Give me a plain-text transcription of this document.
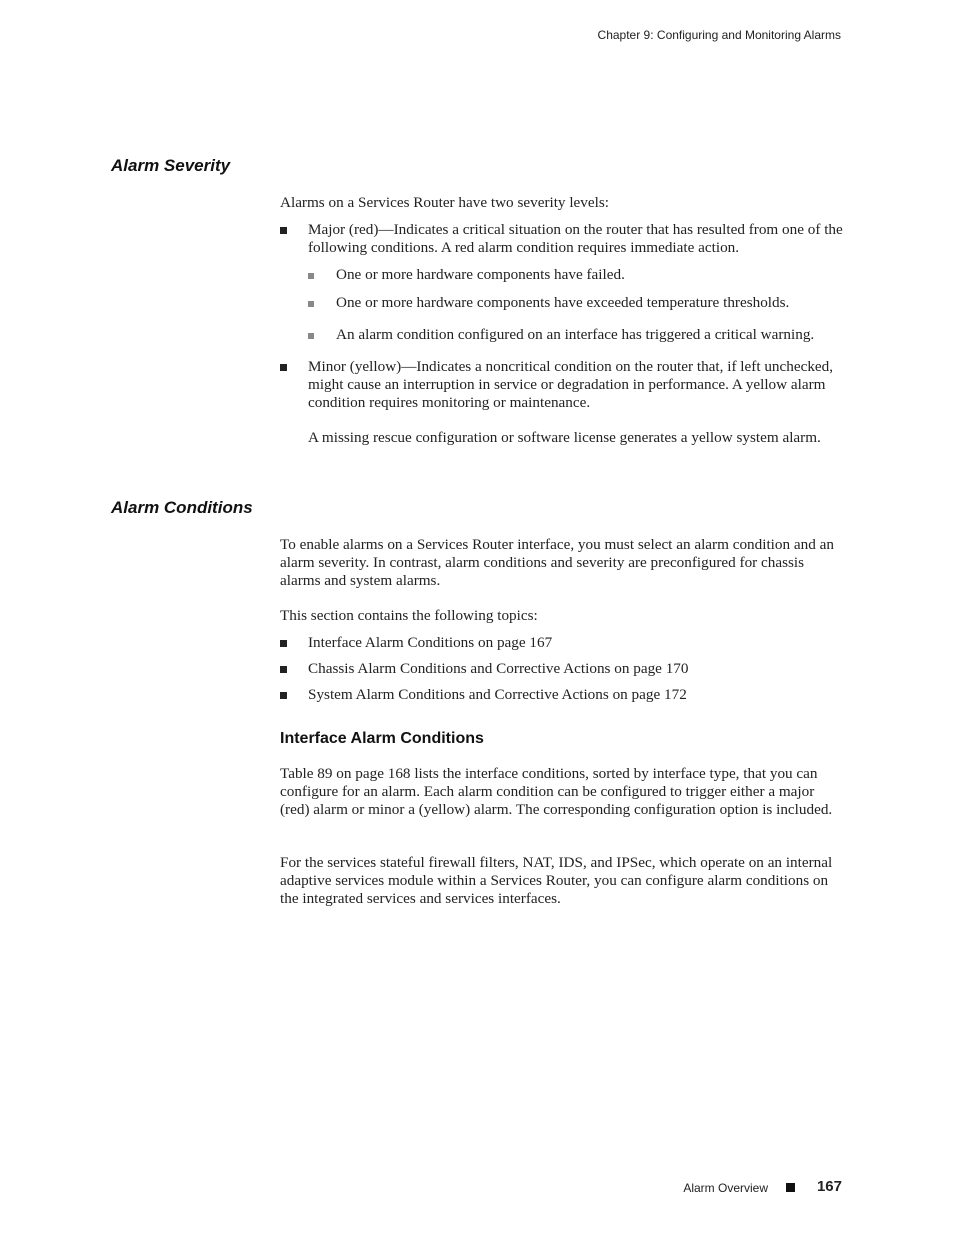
Chapter 9: Configuring and Monitoring Alarms
Alarm Severity
Alarms on a Services Router have two severity levels:
Major (red)—Indicates a critical situation on the router that has resulted from one of the following conditions. A red alarm condition requires immediate action.
One or more hardware components have failed.
One or more hardware components have exceeded temperature thresholds.
An alarm condition configured on an interface has triggered a critical warning.
Minor (yellow)—Indicates a noncritical condition on the router that, if left unchecked, might cause an interruption in service or degradation in performance. A yellow alarm condition requires monitoring or maintenance.
A missing rescue configuration or software license generates a yellow system alarm.
Alarm Conditions
To enable alarms on a Services Router interface, you must select an alarm condition and an alarm severity. In contrast, alarm conditions and severity are preconfigured for chassis alarms and system alarms.
This section contains the following topics:
Interface Alarm Conditions on page 167
Chassis Alarm Conditions and Corrective Actions on page 170
System Alarm Conditions and Corrective Actions on page 172
Interface Alarm Conditions
Table 89 on page 168 lists the interface conditions, sorted by interface type, that you can configure for an alarm. Each alarm condition can be configured to trigger either a major (red) alarm or minor a (yellow) alarm. The corresponding configuration option is included.
For the services stateful firewall filters, NAT, IDS, and IPSec, which operate on an internal adaptive services module within a Services Router, you can configure alarm conditions on the integrated services and services interfaces.
Alarm Overview	167
